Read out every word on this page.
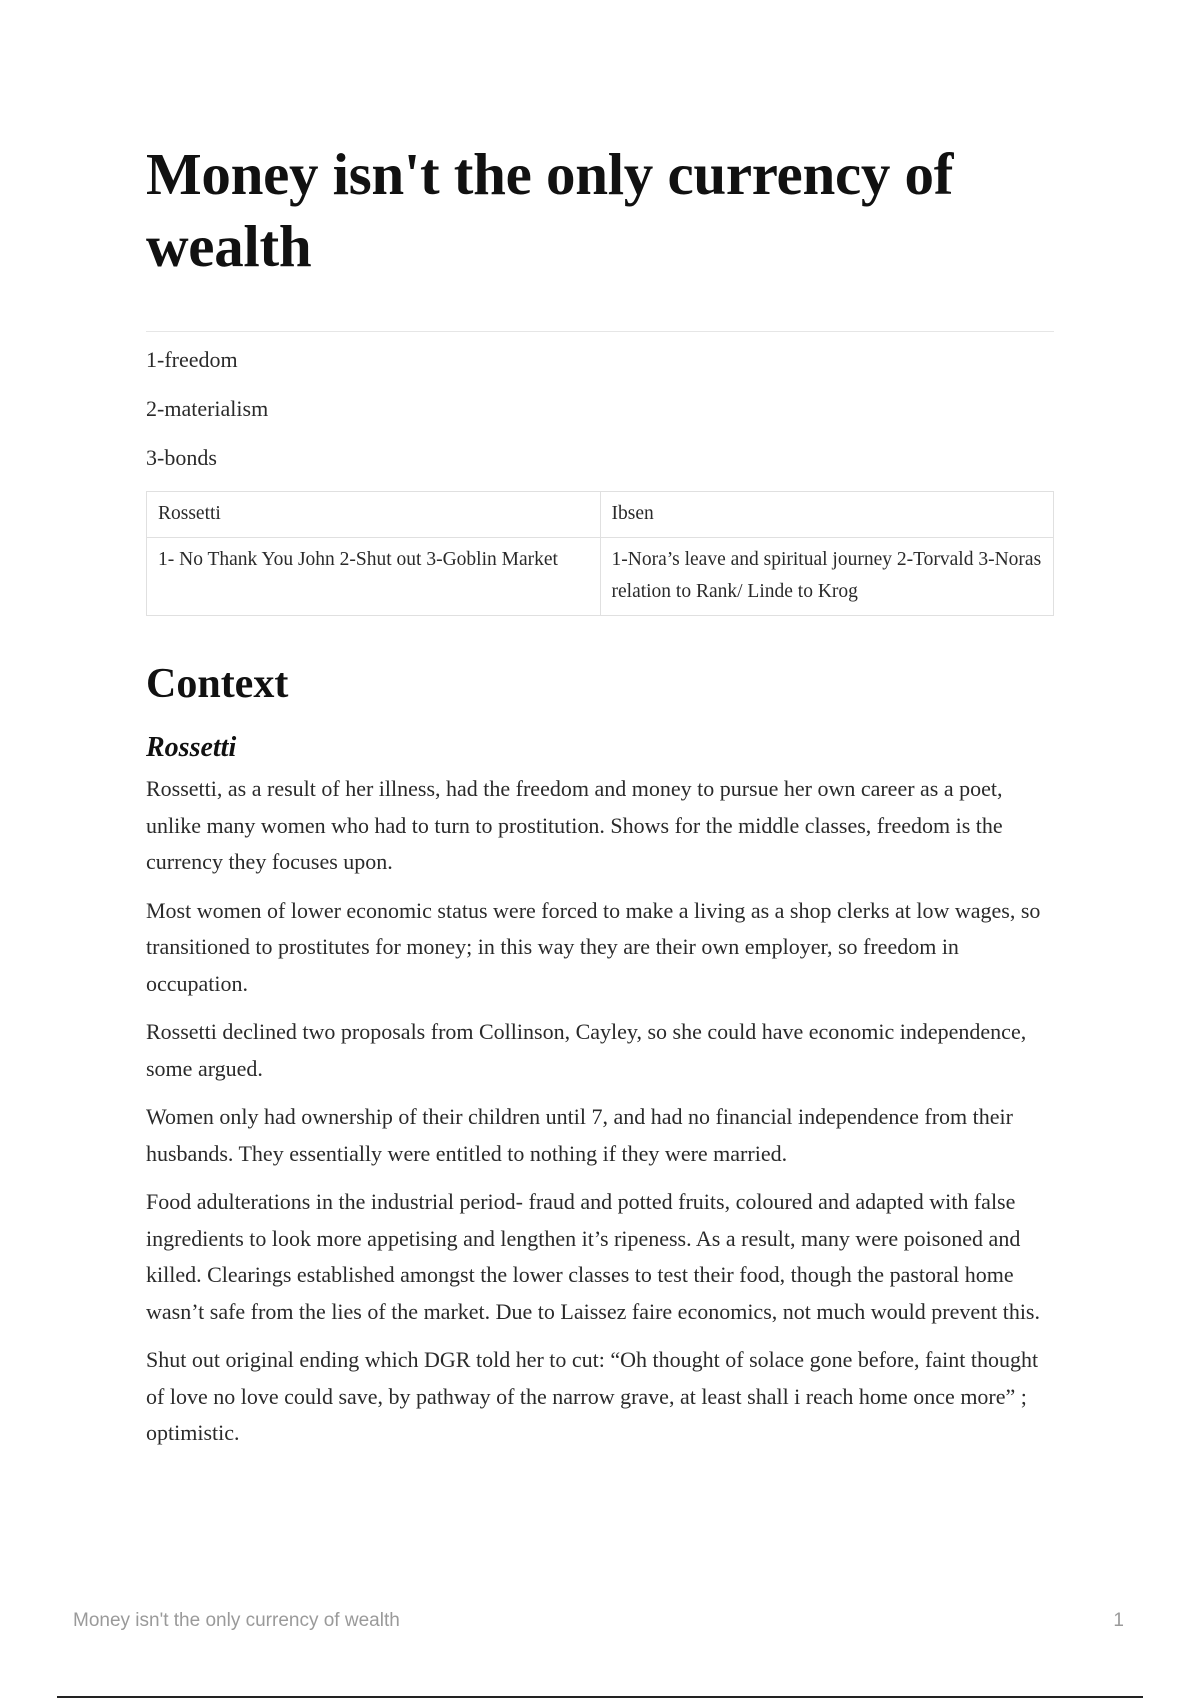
Money isn't the only currency of wealth

1-freedom

2-materialism

3-bonds

Rossetti	Ibsen
1- No Thank You John 2-Shut out 3-Goblin Market	1-Nora’s leave and spiritual journey 2-Torvald 3-Noras relation to Rank/ Linde to Krog
Context
Rossetti

Rossetti, as a result of her illness, had the freedom and money to pursue her own career as a poet, unlike many women who had to turn to prostitution. Shows for the middle classes, freedom is the currency they focuses upon.

Most women of lower economic status were forced to make a living as a shop clerks at low wages, so transitioned to prostitutes for money; in this way they are their own employer, so freedom in occupation.

Rossetti declined two proposals from Collinson, Cayley, so she could have economic independence, some argued.

Women only had ownership of their children until 7, and had no financial independence from their husbands. They essentially were entitled to nothing if they were married.

Food adulterations in the industrial period- fraud and potted fruits, coloured and adapted with false ingredients to look more appetising and lengthen it’s ripeness. As a result, many were poisoned and killed. Clearings established amongst the lower classes to test their food, though the pastoral home wasn’t safe from the lies of the market. Due to Laissez faire economics, not much would prevent this.

Shut out original ending which DGR told her to cut: “Oh thought of solace gone before, faint thought of love no love could save, by pathway of the narrow grave, at least shall i reach home once more” ; optimistic.

Money isn't the only currency of wealth	1
